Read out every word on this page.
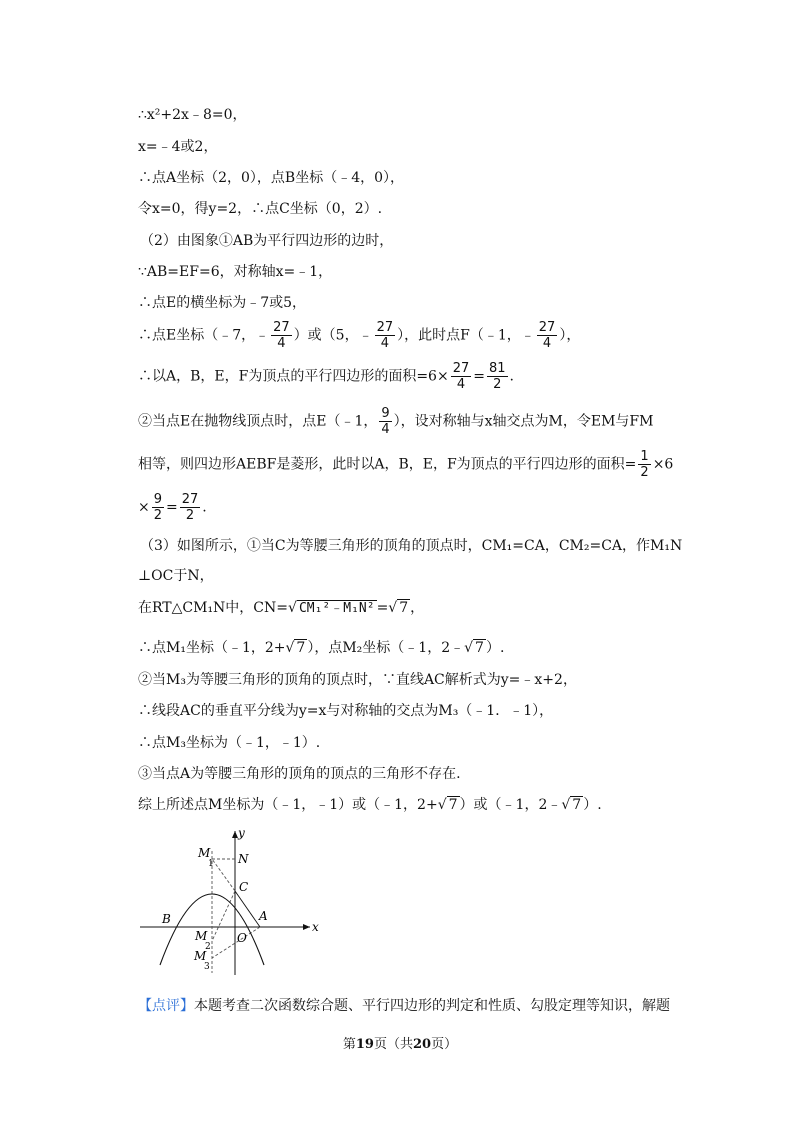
∴x²+2x﹣8=0，
x=﹣4或2，
∴点A坐标（2，0），点B坐标（﹣4，0），
令x=0，得y=2，∴点C坐标（0，2）.
（2）由图象①AB为平行四边形的边时，
∵AB=EF=6，对称轴x=﹣1，
∴点E的横坐标为﹣7或5，
∴点E坐标（﹣7，﹣ $\frac{27}{4}$ ）或（5，﹣ $\frac{27}{4}$ ），此时点F（﹣1，﹣ $\frac{27}{4}$ ），
∴以A，B，E，F为顶点的平行四边形的面积$=6\times \frac{27}{4} = \frac{81}{2}$ .
②当点E在抛物线顶点时，点E（﹣1， $\frac{9}{4}$ ），设对称轴与x轴交点为M，令EM与FM
相等，则四边形AEBF是菱形，此时以A，B，E，F为顶点的平行四边形的面积= $\frac{1}{2} \times 6$
× $\frac{9}{2} = \frac{27}{2}$ .
（3）如图所示，①当C为等腰三角形的顶角的顶点时，CM₁=CA，CM₂=CA，作M₁N
⊥OC于N，
在RT△CM₁N中，CN=√ CM₁²﹣M₁N² =√ 7 ，
∴点M₁坐标（﹣1，2+√ 7 ），点M₂坐标（﹣1，2﹣√ 7 ）.
②当M₃为等腰三角形的顶角的顶点时，∵直线AC解析式为y=﹣x+2，
∴线段AC的垂直平分线为y=x与对称轴的交点为M₃（﹣1．﹣1），
∴点M₃坐标为（﹣1，﹣1）.
③当点A为等腰三角形的顶角的顶点的三角形不存在.
综上所述点M坐标为（﹣1，﹣1）或（﹣1，2+√ 7 ）或（﹣1，2﹣√ 7 ）.
【点评】本题考查二次函数综合题、平行四边形的判定和性质、勾股定理等知识，解题
y
x
M
1 N
C
B	A
O
M
2
M
3
第19页（共20页）
